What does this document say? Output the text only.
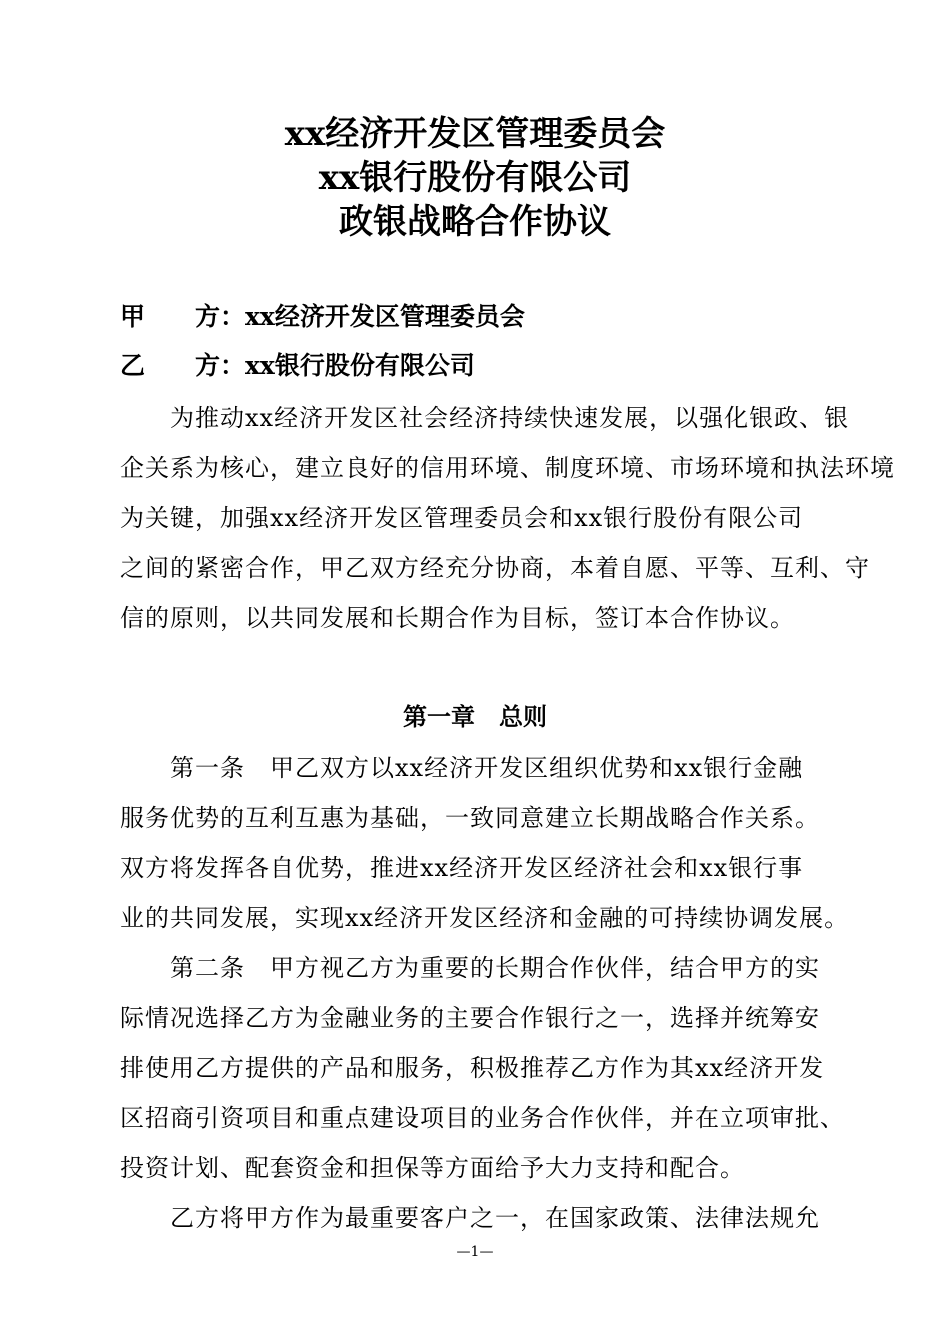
xx经济开发区管理委员会
xx银行股份有限公司
政银战略合作协议
甲　　方：xx经济开发区管理委员会
乙　　方：xx银行股份有限公司
为推动xx经济开发区社会经济持续快速发展，以强化银政、银
企关系为核心，建立良好的信用环境、制度环境、市场环境和执法环境
为关键，加强xx经济开发区管理委员会和xx银行股份有限公司
之间的紧密合作，甲乙双方经充分协商，本着自愿、平等、互利、守
信的原则，以共同发展和长期合作为目标，签订本合作协议。
第一章　总则
第一条　甲乙双方以xx经济开发区组织优势和xx银行金融
服务优势的互利互惠为基础，一致同意建立长期战略合作关系。
双方将发挥各自优势，推进xx经济开发区经济社会和xx银行事
业的共同发展，实现xx经济开发区经济和金融的可持续协调发展。
第二条　甲方视乙方为重要的长期合作伙伴，结合甲方的实
际情况选择乙方为金融业务的主要合作银行之一，选择并统筹安
排使用乙方提供的产品和服务，积极推荐乙方作为其xx经济开发
区招商引资项目和重点建设项目的业务合作伙伴，并在立项审批、
投资计划、配套资金和担保等方面给予大力支持和配合。
乙方将甲方作为最重要客户之一，在国家政策、法律法规允
—1—
